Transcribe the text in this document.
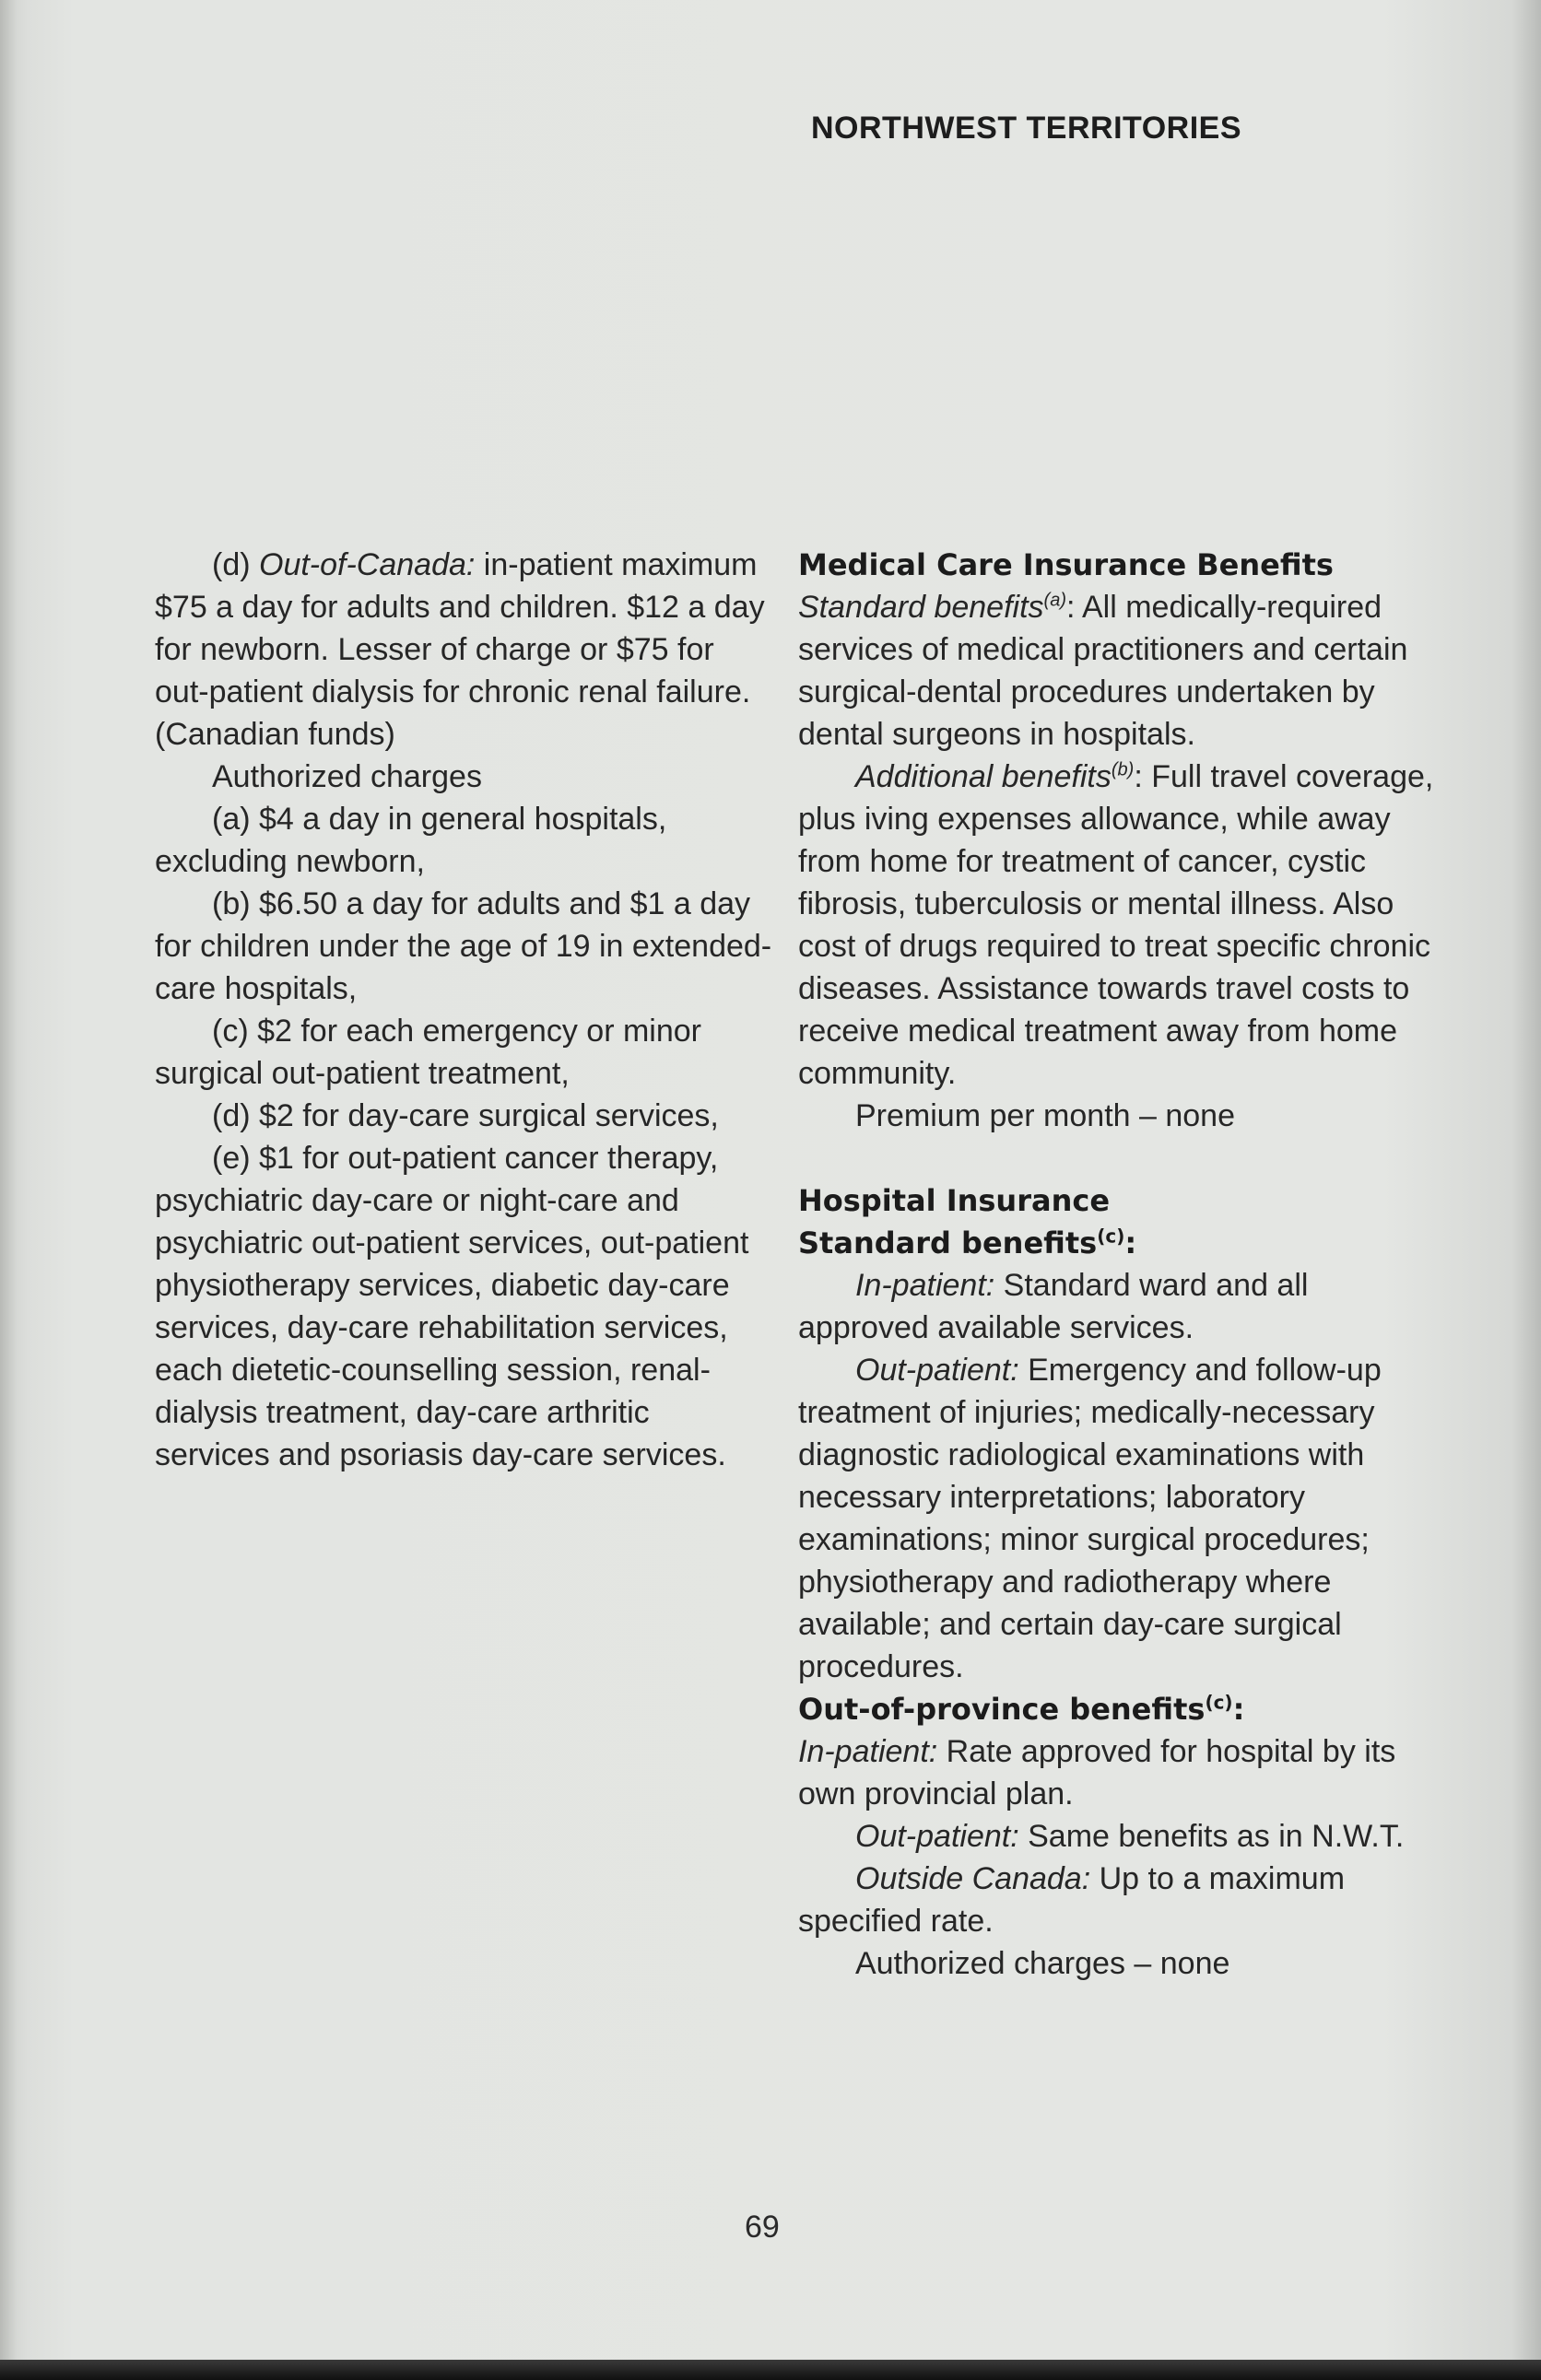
NORTHWEST TERRITORIES

(d) Out-of-Canada: in-patient maximum $75 a day for adults and children. $12 a day for newborn. Lesser of charge or $75 for out-patient dialysis for chronic renal failure. (Canadian funds)

Authorized charges

(a) $4 a day in general hospitals, excluding newborn,

(b) $6.50 a day for adults and $1 a day for children under the age of 19 in extended-care hospitals,

(c) $2 for each emergency or minor surgical out-patient treatment,

(d) $2 for day-care surgical services,

(e) $1 for out-patient cancer therapy, psychiatric day-care or night-care and psychiatric out-patient services, out-patient physiotherapy services, diabetic day-care services, day-care rehabilitation services, each dietetic-counselling session, renal-dialysis treatment, day-care arthritic services and psoriasis day-care services.

Medical Care Insurance Benefits

Standard benefits$^{(a)}$: All medically-required services of medical practitioners and certain surgical-dental procedures undertaken by dental surgeons in hospitals.

Additional benefits$^{(b)}$: Full travel coverage, plus iving expenses allowance, while away from home for treatment of cancer, cystic fibrosis, tuberculosis or mental illness. Also cost of drugs required to treat specific chronic diseases. Assistance towards travel costs to receive medical treatment away from home community.

Premium per month – none

Hospital Insurance

Standard benefits$^{(c)}$:

In-patient: Standard ward and all approved available services.

Out-patient: Emergency and follow-up treatment of injuries; medically-necessary diagnostic radiological examinations with necessary interpretations; laboratory examinations; minor surgical procedures; physiotherapy and radiotherapy where available; and certain day-care surgical procedures.

Out-of-province benefits$^{(c)}$:

In-patient: Rate approved for hospital by its own provincial plan.

Out-patient: Same benefits as in N.W.T.

Outside Canada: Up to a maximum specified rate.

Authorized charges – none

69
